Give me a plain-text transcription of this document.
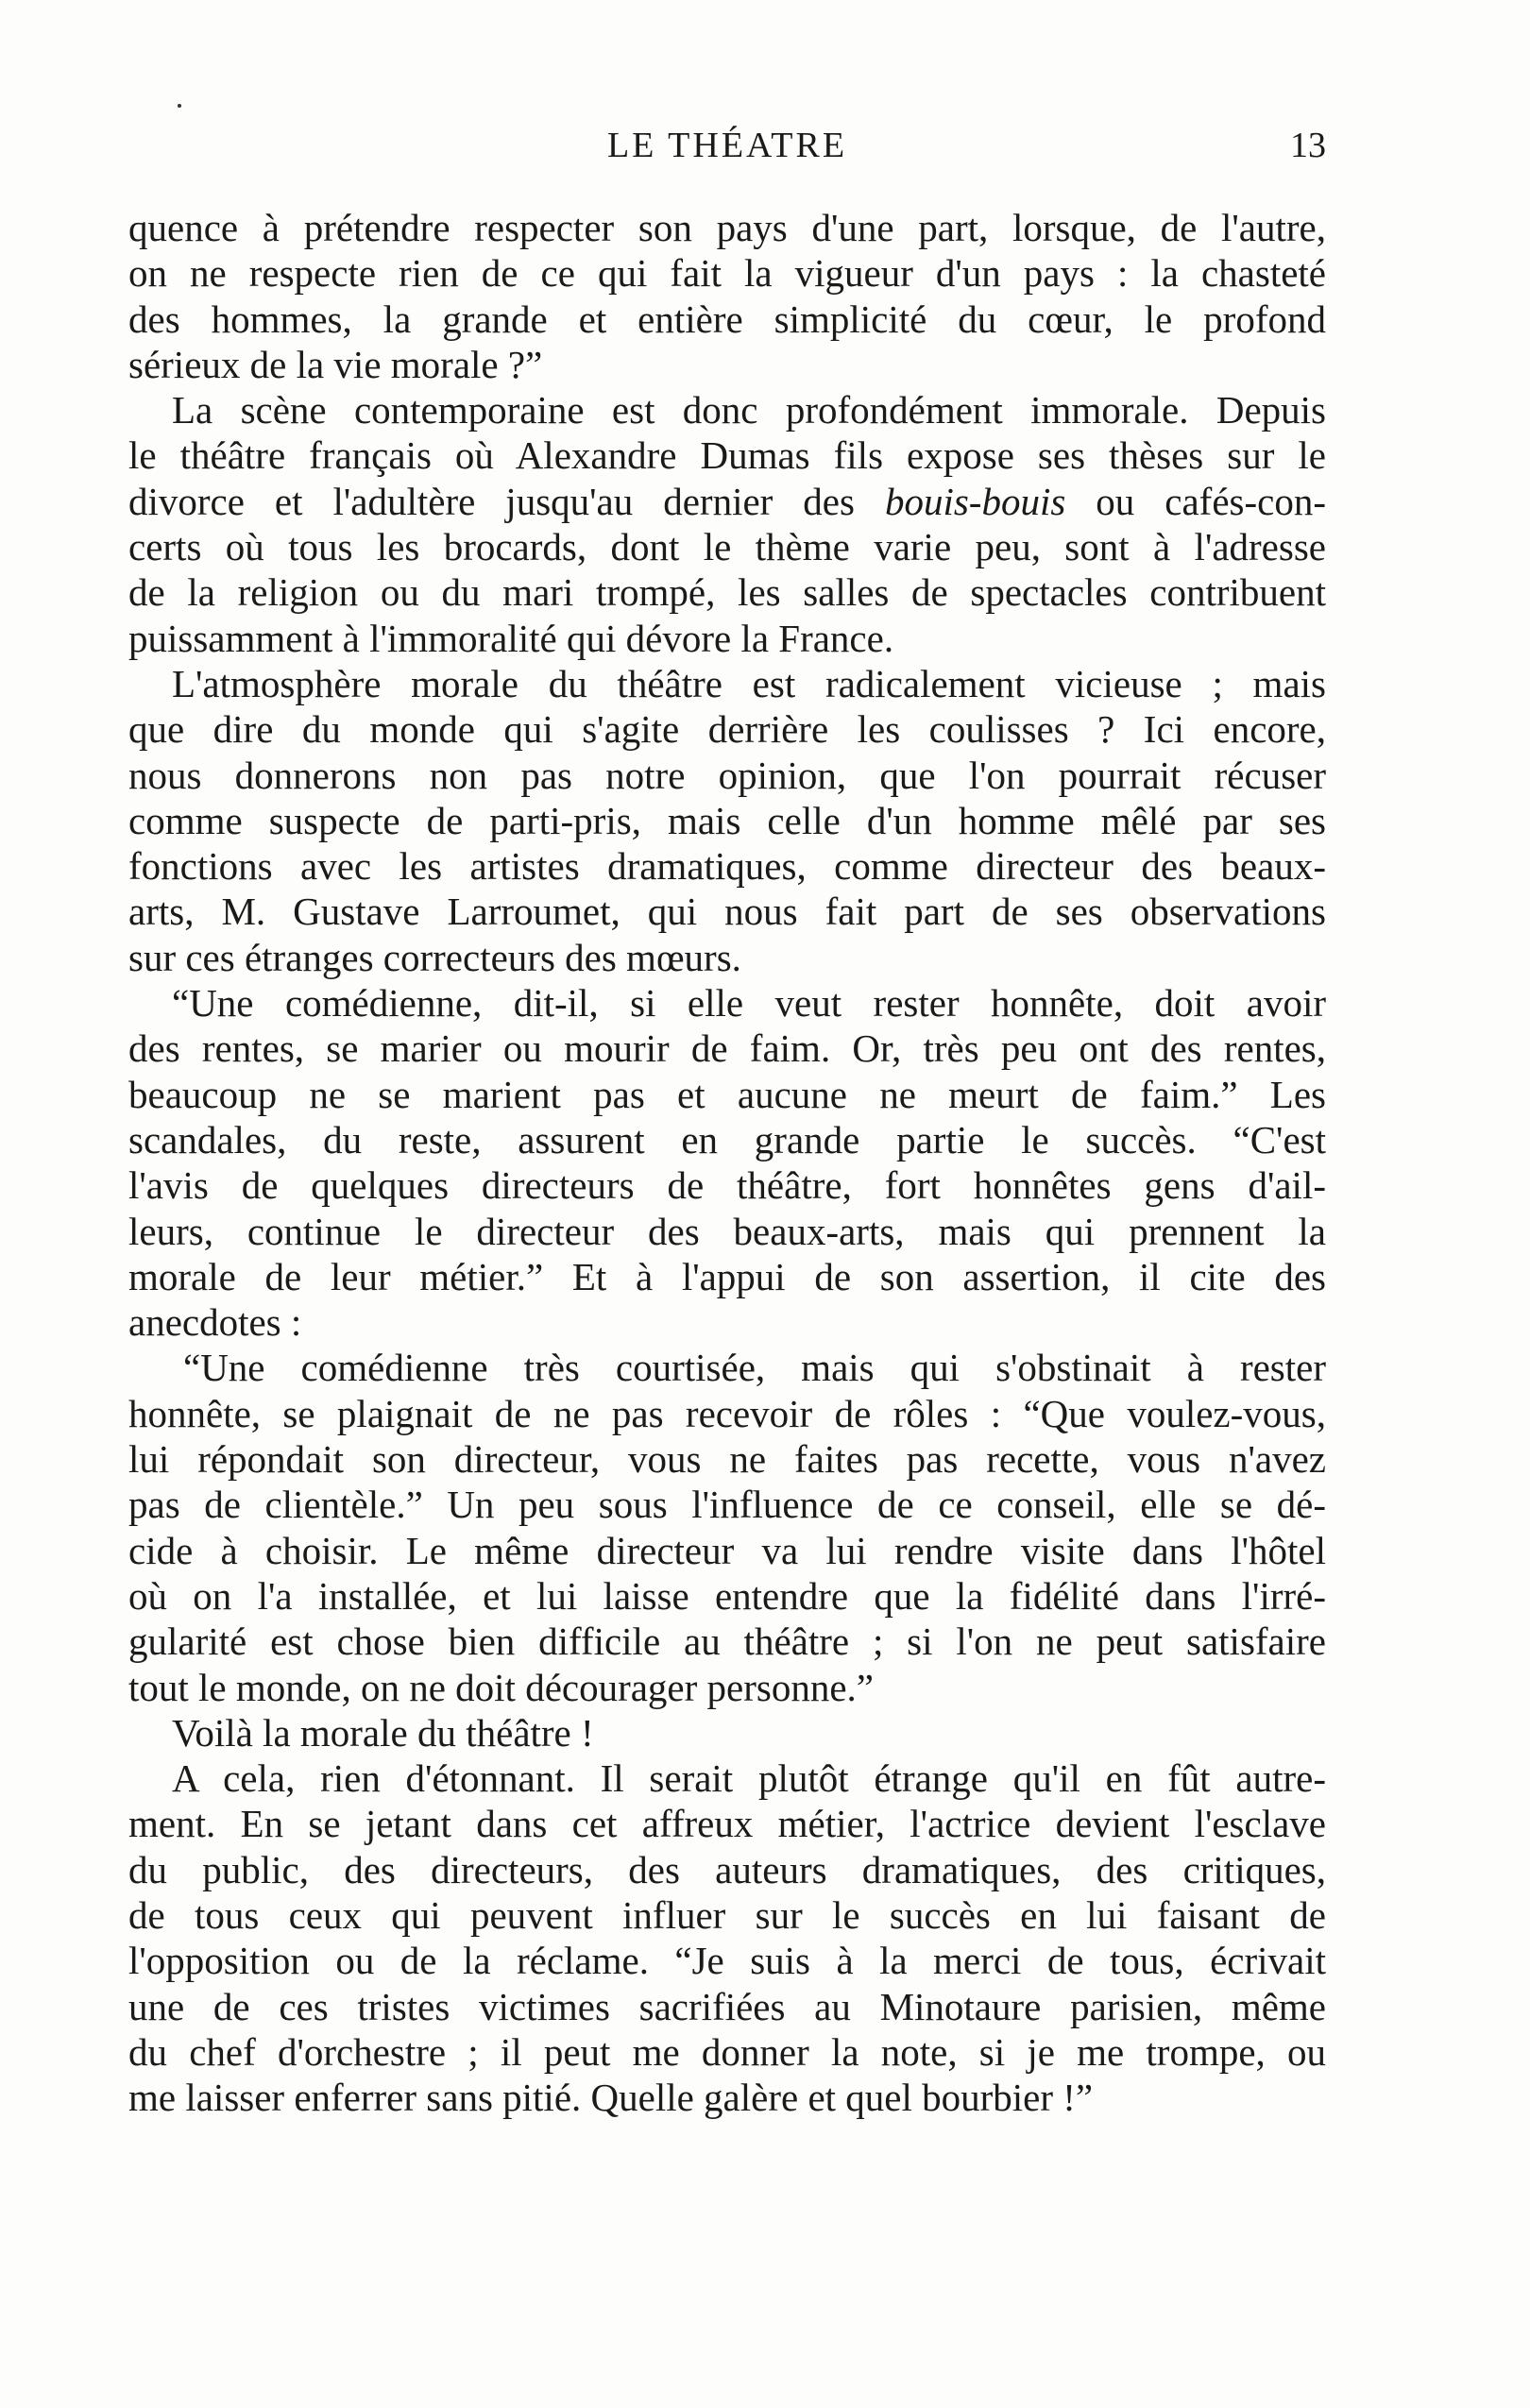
LE THÉATRE	13
quence à prétendre respecter son pays d'une part, lorsque, de l'autre,
on ne respecte rien de ce qui fait la vigueur d'un pays : la chasteté
des hommes, la grande et entière simplicité du cœur, le profond
sérieux de la vie morale ?”
La scène contemporaine est donc profondément immorale. Depuis
le théâtre français où Alexandre Dumas fils expose ses thèses sur le
divorce et l'adultère jusqu'au dernier des bouis-bouis ou cafés-con-
certs où tous les brocards, dont le thème varie peu, sont à l'adresse
de la religion ou du mari trompé, les salles de spectacles contribuent
puissamment à l'immoralité qui dévore la France.
L'atmosphère morale du théâtre est radicalement vicieuse ; mais
que dire du monde qui s'agite derrière les coulisses ? Ici encore,
nous donnerons non pas notre opinion, que l'on pourrait récuser
comme suspecte de parti-pris, mais celle d'un homme mêlé par ses
fonctions avec les artistes dramatiques, comme directeur des beaux-
arts, M. Gustave Larroumet, qui nous fait part de ses observations
sur ces étranges correcteurs des mœurs.
“Une comédienne, dit-il, si elle veut rester honnête, doit avoir
des rentes, se marier ou mourir de faim. Or, très peu ont des rentes,
beaucoup ne se marient pas et aucune ne meurt de faim.” Les
scandales, du reste, assurent en grande partie le succès. “C'est
l'avis de quelques directeurs de théâtre, fort honnêtes gens d'ail-
leurs, continue le directeur des beaux-arts, mais qui prennent la
morale de leur métier.” Et à l'appui de son assertion, il cite des
anecdotes :
“Une comédienne très courtisée, mais qui s'obstinait à rester
honnête, se plaignait de ne pas recevoir de rôles : “Que voulez-vous,
lui répondait son directeur, vous ne faites pas recette, vous n'avez
pas de clientèle.” Un peu sous l'influence de ce conseil, elle se dé-
cide à choisir. Le même directeur va lui rendre visite dans l'hôtel
où on l'a installée, et lui laisse entendre que la fidélité dans l'irré-
gularité est chose bien difficile au théâtre ; si l'on ne peut satisfaire
tout le monde, on ne doit décourager personne.”
Voilà la morale du théâtre !
A cela, rien d'étonnant. Il serait plutôt étrange qu'il en fût autre-
ment. En se jetant dans cet affreux métier, l'actrice devient l'esclave
du public, des directeurs, des auteurs dramatiques, des critiques,
de tous ceux qui peuvent influer sur le succès en lui faisant de
l'opposition ou de la réclame. “Je suis à la merci de tous, écrivait
une de ces tristes victimes sacrifiées au Minotaure parisien, même
du chef d'orchestre ; il peut me donner la note, si je me trompe, ou
me laisser enferrer sans pitié. Quelle galère et quel bourbier !”
